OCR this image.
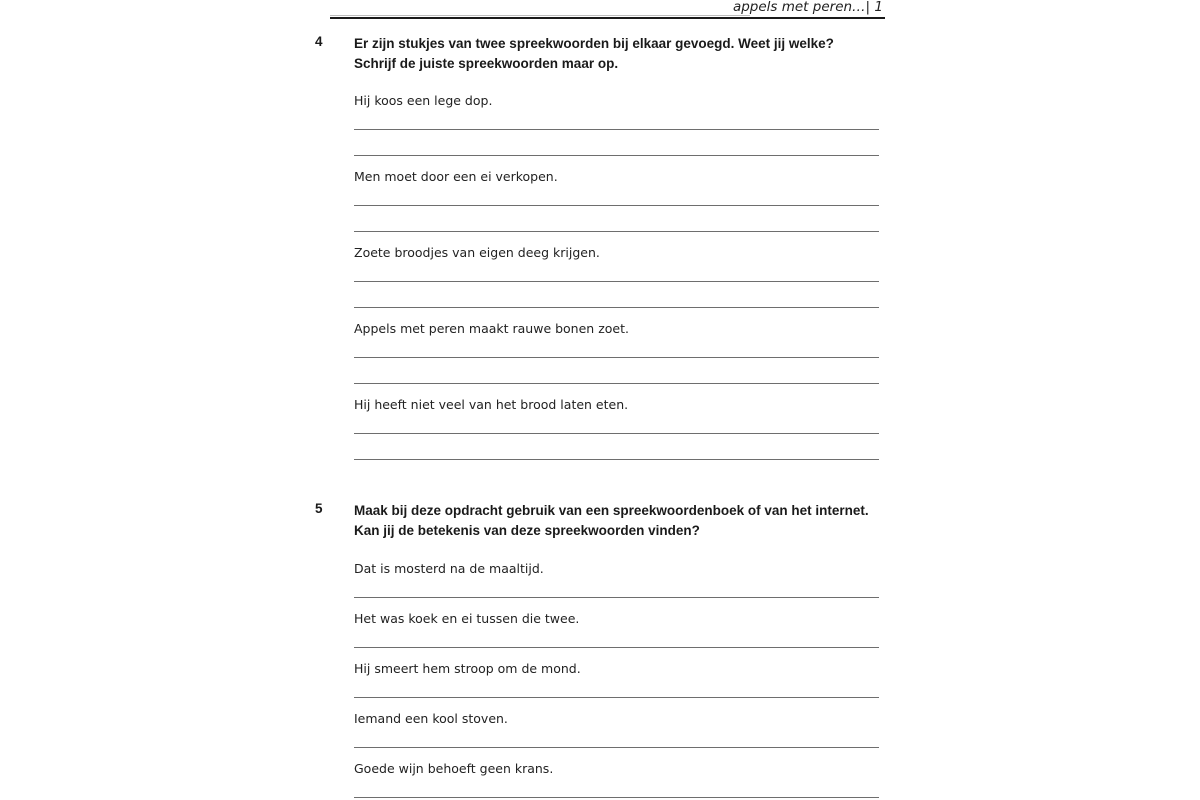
appels met peren…| 1
4 Er zijn stukjes van twee spreekwoorden bij elkaar gevoegd. Weet jij welke?
Schrijf de juiste spreekwoorden maar op.
Hij koos een lege dop.
Men moet door een ei verkopen.
Zoete broodjes van eigen deeg krijgen.
Appels met peren maakt rauwe bonen zoet.
Hij heeft niet veel van het brood laten eten.
5 Maak bij deze opdracht gebruik van een spreekwoordenboek of van het internet.
Kan jij de betekenis van deze spreekwoorden vinden?
Dat is mosterd na de maaltijd.
Het was koek en ei tussen die twee.
Hij smeert hem stroop om de mond.
Iemand een kool stoven.
Goede wijn behoeft geen krans.
